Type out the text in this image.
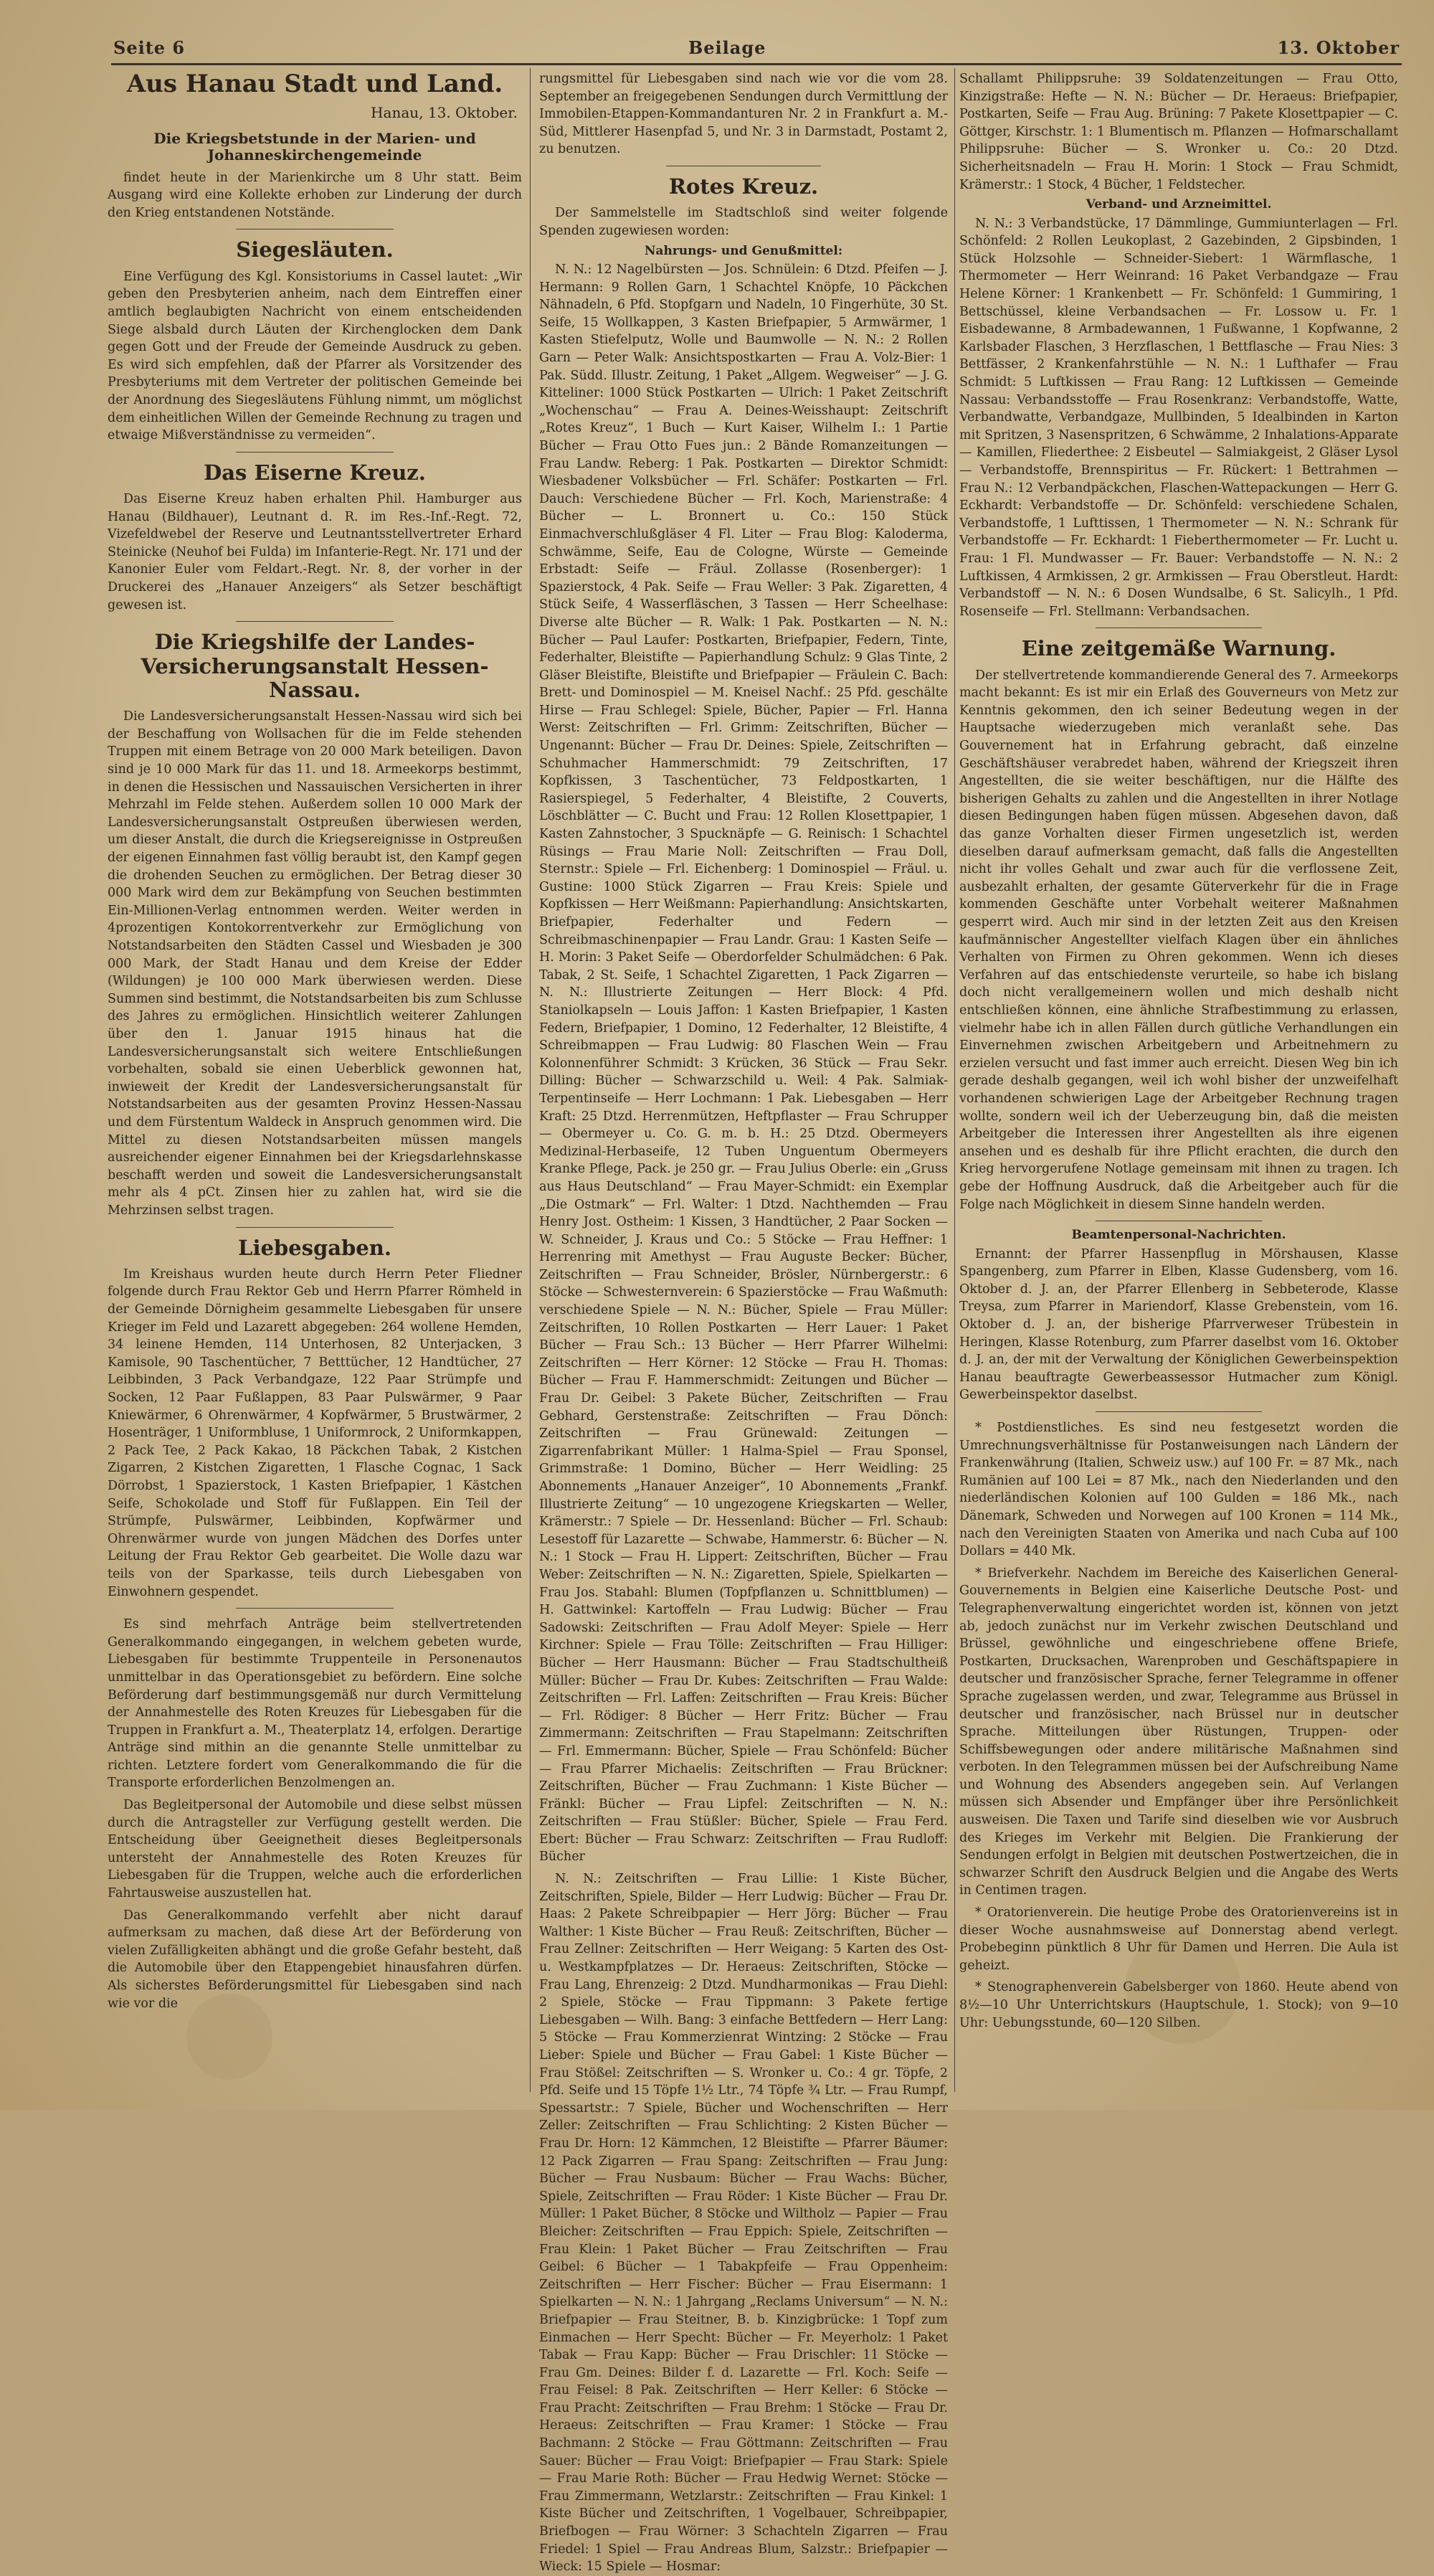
Seite 6	Beilage	13. Oktober
Aus Hanau Stadt und Land.
Hanau, 13. Oktober.
Die Kriegsbetstunde in der Marien- und Johanneskirchengemeinde

findet heute in der Marienkirche um 8 Uhr statt. Beim Ausgang wird eine Kollekte erhoben zur Linderung der durch den Krieg entstandenen Notstände.

Siegesläuten.

Eine Verfügung des Kgl. Konsistoriums in Cassel lautet: „Wir geben den Presbyterien anheim, nach dem Eintreffen einer amtlich beglaubigten Nachricht von einem entscheidenden Siege alsbald durch Läuten der Kirchenglocken dem Dank gegen Gott und der Freude der Gemeinde Ausdruck zu geben. Es wird sich empfehlen, daß der Pfarrer als Vorsitzender des Presbyteriums mit dem Vertreter der politischen Gemeinde bei der Anordnung des Siegesläutens Fühlung nimmt, um möglichst dem einheitlichen Willen der Gemeinde Rechnung zu tragen und etwaige Mißverständnisse zu vermeiden“.

Das Eiserne Kreuz.

Das Eiserne Kreuz haben erhalten Phil. Hamburger aus Hanau (Bildhauer), Leutnant d. R. im Res.-Inf.-Regt. 72, Vizefeldwebel der Reserve und Leutnantsstellvertreter Erhard Steinicke (Neuhof bei Fulda) im Infanterie-Regt. Nr. 171 und der Kanonier Euler vom Feldart.-Regt. Nr. 8, der vorher in der Druckerei des „Hanauer Anzeigers“ als Setzer beschäftigt gewesen ist.

Die Kriegshilfe der Landes-Versicherungsanstalt Hessen-Nassau.

Die Landesversicherungsanstalt Hessen-Nassau wird sich bei der Beschaffung von Wollsachen für die im Felde stehenden Truppen mit einem Betrage von 20 000 Mark beteiligen. Davon sind je 10 000 Mark für das 11. und 18. Armeekorps bestimmt, in denen die Hessischen und Nassauischen Versicherten in ihrer Mehrzahl im Felde stehen. Außerdem sollen 10 000 Mark der Landesversicherungsanstalt Ostpreußen überwiesen werden, um dieser Anstalt, die durch die Kriegsereignisse in Ostpreußen der eigenen Einnahmen fast völlig beraubt ist, den Kampf gegen die drohenden Seuchen zu ermöglichen. Der Betrag dieser 30 000 Mark wird dem zur Bekämpfung von Seuchen bestimmten Ein-Millionen-Verlag entnommen werden. Weiter werden in 4prozentigen Kontokorrentverkehr zur Ermöglichung von Notstandsarbeiten den Städten Cassel und Wiesbaden je 300 000 Mark, der Stadt Hanau und dem Kreise der Edder (Wildungen) je 100 000 Mark überwiesen werden. Diese Summen sind bestimmt, die Notstandsarbeiten bis zum Schlusse des Jahres zu ermöglichen. Hinsichtlich weiterer Zahlungen über den 1. Januar 1915 hinaus hat die Landesversicherungsanstalt sich weitere Entschließungen vorbehalten, sobald sie einen Ueberblick gewonnen hat, inwieweit der Kredit der Landesversicherungsanstalt für Notstandsarbeiten aus der gesamten Provinz Hessen-Nassau und dem Fürstentum Waldeck in Anspruch genommen wird. Die Mittel zu diesen Notstandsarbeiten müssen mangels ausreichender eigener Einnahmen bei der Kriegsdarlehnskasse beschafft werden und soweit die Landesversicherungsanstalt mehr als 4 pCt. Zinsen hier zu zahlen hat, wird sie die Mehrzinsen selbst tragen.

Liebesgaben.

Im Kreishaus wurden heute durch Herrn Peter Fliedner folgende durch Frau Rektor Geb und Herrn Pfarrer Römheld in der Gemeinde Dörnigheim gesammelte Liebesgaben für unsere Krieger im Feld und Lazarett abgegeben: 264 wollene Hemden, 34 leinene Hemden, 114 Unterhosen, 82 Unterjacken, 3 Kamisole, 90 Taschentücher, 7 Betttücher, 12 Handtücher, 27 Leibbinden, 3 Pack Verbandgaze, 122 Paar Strümpfe und Socken, 12 Paar Fußlappen, 83 Paar Pulswärmer, 9 Paar Kniewärmer, 6 Ohrenwärmer, 4 Kopfwärmer, 5 Brustwärmer, 2 Hosenträger, 1 Uniformbluse, 1 Uniformrock, 2 Uniformkappen, 2 Pack Tee, 2 Pack Kakao, 18 Päckchen Tabak, 2 Kistchen Zigarren, 2 Kistchen Zigaretten, 1 Flasche Cognac, 1 Sack Dörrobst, 1 Spazierstock, 1 Kasten Briefpapier, 1 Kästchen Seife, Schokolade und Stoff für Fußlappen. Ein Teil der Strümpfe, Pulswärmer, Leibbinden, Kopfwärmer und Ohrenwärmer wurde von jungen Mädchen des Dorfes unter Leitung der Frau Rektor Geb gearbeitet. Die Wolle dazu war teils von der Sparkasse, teils durch Liebesgaben von Einwohnern gespendet.

Es sind mehrfach Anträge beim stellvertretenden Generalkommando eingegangen, in welchem gebeten wurde, Liebesgaben für bestimmte Truppenteile in Personenautos unmittelbar in das Operationsgebiet zu befördern. Eine solche Beförderung darf bestimmungsgemäß nur durch Vermittelung der Annahmestelle des Roten Kreuzes für Liebesgaben für die Truppen in Frankfurt a. M., Theaterplatz 14, erfolgen. Derartige Anträge sind mithin an die genannte Stelle unmittelbar zu richten. Letztere fordert vom Generalkommando die für die Transporte erforderlichen Benzolmengen an.

Das Begleitpersonal der Automobile und diese selbst müssen durch die Antragsteller zur Verfügung gestellt werden. Die Entscheidung über Geeignetheit dieses Begleitpersonals untersteht der Annahmestelle des Roten Kreuzes für Liebesgaben für die Truppen, welche auch die erforderlichen Fahrtausweise auszustellen hat.

Das Generalkommando verfehlt aber nicht darauf aufmerksam zu machen, daß diese Art der Beförderung von vielen Zufälligkeiten abhängt und die große Gefahr besteht, daß die Automobile über den Etappengebiet hinausfahren dürfen. Als sicherstes Beförderungsmittel für Liebesgaben sind nach wie vor die

rungsmittel für Liebesgaben sind nach wie vor die vom 28. September an freigegebenen Sendungen durch Vermittlung der Immobilen-Etappen-Kommandanturen Nr. 2 in Frankfurt a. M.-Süd, Mittlerer Hasenpfad 5, und Nr. 3 in Darmstadt, Postamt 2, zu benutzen.

Rotes Kreuz.

Der Sammelstelle im Stadtschloß sind weiter folgende Spenden zugewiesen worden:

Nahrungs- und Genußmittel:

N. N.: 12 Nagelbürsten — Jos. Schnülein: 6 Dtzd. Pfeifen — J. Hermann: 9 Rollen Garn, 1 Schachtel Knöpfe, 10 Päckchen Nähnadeln, 6 Pfd. Stopfgarn und Nadeln, 10 Fingerhüte, 30 St. Seife, 15 Wollkappen, 3 Kasten Briefpapier, 5 Armwärmer, 1 Kasten Stiefelputz, Wolle und Baumwolle — N. N.: 2 Rollen Garn — Peter Walk: Ansichtspostkarten — Frau A. Volz-Bier: 1 Pak. Südd. Illustr. Zeitung, 1 Paket „Allgem. Wegweiser“ — J. G. Kitteliner: 1000 Stück Postkarten — Ulrich: 1 Paket Zeitschrift „Wochenschau“ — Frau A. Deines-Weisshaupt: Zeitschrift „Rotes Kreuz“, 1 Buch — Kurt Kaiser, Wilhelm I.: 1 Partie Bücher — Frau Otto Fues jun.: 2 Bände Romanzeitungen — Frau Landw. Reberg: 1 Pak. Postkarten — Direktor Schmidt: Wiesbadener Volksbücher — Frl. Schäfer: Postkarten — Frl. Dauch: Verschiedene Bücher — Frl. Koch, Marienstraße: 4 Bücher — L. Bronnert u. Co.: 150 Stück Einmachverschlußgläser 4 Fl. Liter — Frau Blog: Kaloderma, Schwämme, Seife, Eau de Cologne, Würste — Gemeinde Erbstadt: Seife — Fräul. Zollasse (Rosenberger): 1 Spazierstock, 4 Pak. Seife — Frau Weller: 3 Pak. Zigaretten, 4 Stück Seife, 4 Wasserfläschen, 3 Tassen — Herr Scheelhase: Diverse alte Bücher — R. Walk: 1 Pak. Postkarten — N. N.: Bücher — Paul Laufer: Postkarten, Briefpapier, Federn, Tinte, Federhalter, Bleistifte — Papierhandlung Schulz: 9 Glas Tinte, 2 Gläser Bleistifte, Bleistifte und Briefpapier — Fräulein C. Bach: Brett- und Dominospiel — M. Kneisel Nachf.: 25 Pfd. geschälte Hirse — Frau Schlegel: Spiele, Bücher, Papier — Frl. Hanna Werst: Zeitschriften — Frl. Grimm: Zeitschriften, Bücher — Ungenannt: Bücher — Frau Dr. Deines: Spiele, Zeitschriften — Schuhmacher Hammerschmidt: 79 Zeitschriften, 17 Kopfkissen, 3 Taschentücher, 73 Feldpostkarten, 1 Rasierspiegel, 5 Federhalter, 4 Bleistifte, 2 Couverts, Löschblätter — C. Bucht und Frau: 12 Rollen Klosettpapier, 1 Kasten Zahnstocher, 3 Spucknäpfe — G. Reinisch: 1 Schachtel Rüsings — Frau Marie Noll: Zeitschriften — Frau Doll, Sternstr.: Spiele — Frl. Eichenberg: 1 Dominospiel — Fräul. u. Gustine: 1000 Stück Zigarren — Frau Kreis: Spiele und Kopfkissen — Herr Weißmann: Papierhandlung: Ansichtskarten, Briefpapier, Federhalter und Federn — Schreibmaschinenpapier — Frau Landr. Grau: 1 Kasten Seife — H. Morin: 3 Paket Seife — Oberdorfelder Schulmädchen: 6 Pak. Tabak, 2 St. Seife, 1 Schachtel Zigaretten, 1 Pack Zigarren — N. N.: Illustrierte Zeitungen — Herr Block: 4 Pfd. Staniolkapseln — Louis Jaffon: 1 Kasten Briefpapier, 1 Kasten Federn, Briefpapier, 1 Domino, 12 Federhalter, 12 Bleistifte, 4 Schreibmappen — Frau Ludwig: 80 Flaschen Wein — Frau Kolonnenführer Schmidt: 3 Krücken, 36 Stück — Frau Sekr. Dilling: Bücher — Schwarzschild u. Weil: 4 Pak. Salmiak-Terpentinseife — Herr Lochmann: 1 Pak. Liebesgaben — Herr Kraft: 25 Dtzd. Herrenmützen, Heftpflaster — Frau Schrupper — Obermeyer u. Co. G. m. b. H.: 25 Dtzd. Obermeyers Medizinal-Herbaseife, 12 Tuben Unguentum Obermeyers Kranke Pflege, Pack. je 250 gr. — Frau Julius Oberle: ein „Gruss aus Haus Deutschland“ — Frau Mayer-Schmidt: ein Exemplar „Die Ostmark“ — Frl. Walter: 1 Dtzd. Nachthemden — Frau Henry Jost. Ostheim: 1 Kissen, 3 Handtücher, 2 Paar Socken — W. Schneider, J. Kraus und Co.: 5 Stöcke — Frau Heffner: 1 Herrenring mit Amethyst — Frau Auguste Becker: Bücher, Zeitschriften — Frau Schneider, Brösler, Nürnbergerstr.: 6 Stöcke — Schwesternverein: 6 Spazierstöcke — Frau Waßmuth: verschiedene Spiele — N. N.: Bücher, Spiele — Frau Müller: Zeitschriften, 10 Rollen Postkarten — Herr Lauer: 1 Paket Bücher — Frau Sch.: 13 Bücher — Herr Pfarrer Wilhelmi: Zeitschriften — Herr Körner: 12 Stöcke — Frau H. Thomas: Bücher — Frau F. Hammerschmidt: Zeitungen und Bücher — Frau Dr. Geibel: 3 Pakete Bücher, Zeitschriften — Frau Gebhard, Gerstenstraße: Zeitschriften — Frau Dönch: Zeitschriften — Frau Grünewald: Zeitungen — Zigarrenfabrikant Müller: 1 Halma-Spiel — Frau Sponsel, Grimmstraße: 1 Domino, Bücher — Herr Weidling: 25 Abonnements „Hanauer Anzeiger“, 10 Abonnements „Frankf. Illustrierte Zeitung“ — 10 ungezogene Kriegskarten — Weller, Krämerstr.: 7 Spiele — Dr. Hessenland: Bücher — Frl. Schaub: Lesestoff für Lazarette — Schwabe, Hammerstr. 6: Bücher — N. N.: 1 Stock — Frau H. Lippert: Zeitschriften, Bücher — Frau Weber: Zeitschriften — N. N.: Zigaretten, Spiele, Spielkarten — Frau Jos. Stabahl: Blumen (Topfpflanzen u. Schnittblumen) — H. Gattwinkel: Kartoffeln — Frau Ludwig: Bücher — Frau Sadowski: Zeitschriften — Frau Adolf Meyer: Spiele — Herr Kirchner: Spiele — Frau Tölle: Zeitschriften — Frau Hilliger: Bücher — Herr Hausmann: Bücher — Frau Stadtschultheiß Müller: Bücher — Frau Dr. Kubes: Zeitschriften — Frau Walde: Zeitschriften — Frl. Laffen: Zeitschriften — Frau Kreis: Bücher — Frl. Rödiger: 8 Bücher — Herr Fritz: Bücher — Frau Zimmermann: Zeitschriften — Frau Stapelmann: Zeitschriften — Frl. Emmermann: Bücher, Spiele — Frau Schönfeld: Bücher — Frau Pfarrer Michaelis: Zeitschriften — Frau Brückner: Zeitschriften, Bücher — Frau Zuchmann: 1 Kiste Bücher — Fränkl: Bücher — Frau Lipfel: Zeitschriften — N. N.: Zeitschriften — Frau Stüßler: Bücher, Spiele — Frau Ferd. Ebert: Bücher — Frau Schwarz: Zeitschriften — Frau Rudloff: Bücher

N. N.: Zeitschriften — Frau Lillie: 1 Kiste Bücher, Zeitschriften, Spiele, Bilder — Herr Ludwig: Bücher — Frau Dr. Haas: 2 Pakete Schreibpapier — Herr Jörg: Bücher — Frau Walther: 1 Kiste Bücher — Frau Reuß: Zeitschriften, Bücher — Frau Zellner: Zeitschriften — Herr Weigang: 5 Karten des Ost- u. Westkampfplatzes — Dr. Heraeus: Zeitschriften, Stöcke — Frau Lang, Ehrenzeig: 2 Dtzd. Mundharmonikas — Frau Diehl: 2 Spiele, Stöcke — Frau Tippmann: 3 Pakete fertige Liebesgaben — Wilh. Bang: 3 einfache Bettfedern — Herr Lang: 5 Stöcke — Frau Kommerzienrat Wintzing: 2 Stöcke — Frau Lieber: Spiele und Bücher — Frau Gabel: 1 Kiste Bücher — Frau Stößel: Zeitschriften — S. Wronker u. Co.: 4 gr. Töpfe, 2 Pfd. Seife und 15 Töpfe 1½ Ltr., 74 Töpfe ¾ Ltr. — Frau Rumpf, Spessartstr.: 7 Spiele, Bücher und Wochenschriften — Herr Zeller: Zeitschriften — Frau Schlichting: 2 Kisten Bücher — Frau Dr. Horn: 12 Kämmchen, 12 Bleistifte — Pfarrer Bäumer: 12 Pack Zigarren — Frau Spang: Zeitschriften — Frau Jung: Bücher — Frau Nusbaum: Bücher — Frau Wachs: Bücher, Spiele, Zeitschriften — Frau Röder: 1 Kiste Bücher — Frau Dr. Müller: 1 Paket Bücher, 8 Stöcke und Wiltholz — Papier — Frau Bleicher: Zeitschriften — Frau Eppich: Spiele, Zeitschriften — Frau Klein: 1 Paket Bücher — Frau Zeitschriften — Frau Geibel: 6 Bücher — 1 Tabakpfeife — Frau Oppenheim: Zeitschriften — Herr Fischer: Bücher — Frau Eisermann: 1 Spielkarten — N. N.: 1 Jahrgang „Reclams Universum“ — N. N.: Briefpapier — Frau Steitner, B. b. Kinzigbrücke: 1 Topf zum Einmachen — Herr Specht: Bücher — Fr. Meyerholz: 1 Paket Tabak — Frau Kapp: Bücher — Frau Drischler: 11 Stöcke — Frau Gm. Deines: Bilder f. d. Lazarette — Frl. Koch: Seife — Frau Feisel: 8 Pak. Zeitschriften — Herr Keller: 6 Stöcke — Frau Pracht: Zeitschriften — Frau Brehm: 1 Stöcke — Frau Dr. Heraeus: Zeitschriften — Frau Kramer: 1 Stöcke — Frau Bachmann: 2 Stöcke — Frau Göttmann: Zeitschriften — Frau Sauer: Bücher — Frau Voigt: Briefpapier — Frau Stark: Spiele — Frau Marie Roth: Bücher — Frau Hedwig Wernet: Stöcke — Frau Zimmermann, Wetzlarstr.: Zeitschriften — Frau Kinkel: 1 Kiste Bücher und Zeitschriften, 1 Vogelbauer, Schreibpapier, Briefbogen — Frau Wörner: 3 Schachteln Zigarren — Frau Friedel: 1 Spiel — Frau Andreas Blum, Salzstr.: Briefpapier — Wieck: 15 Spiele — Hosmar:

Schallamt Philippsruhe: 39 Soldatenzeitungen — Frau Otto, Kinzigstraße: Hefte — N. N.: Bücher — Dr. Heraeus: Briefpapier, Postkarten, Seife — Frau Aug. Brüning: 7 Pakete Klosettpapier — C. Göttger, Kirschstr. 1: 1 Blumentisch m. Pflanzen — Hofmarschallamt Philippsruhe: Bücher — S. Wronker u. Co.: 20 Dtzd. Sicherheitsnadeln — Frau H. Morin: 1 Stock — Frau Schmidt, Krämerstr.: 1 Stock, 4 Bücher, 1 Feldstecher.

Verband- und Arzneimittel.

N. N.: 3 Verbandstücke, 17 Dämmlinge, Gummiunterlagen — Frl. Schönfeld: 2 Rollen Leukoplast, 2 Gazebinden, 2 Gipsbinden, 1 Stück Holzsohle — Schneider-Siebert: 1 Wärmflasche, 1 Thermometer — Herr Weinrand: 16 Paket Verbandgaze — Frau Helene Körner: 1 Krankenbett — Fr. Schönfeld: 1 Gummiring, 1 Bettschüssel, kleine Verbandsachen — Fr. Lossow u. Fr. 1 Eisbadewanne, 8 Armbadewannen, 1 Fußwanne, 1 Kopfwanne, 2 Karlsbader Flaschen, 3 Herzflaschen, 1 Bettflasche — Frau Nies: 3 Bettfässer, 2 Krankenfahrstühle — N. N.: 1 Lufthafer — Frau Schmidt: 5 Luftkissen — Frau Rang: 12 Luftkissen — Gemeinde Nassau: Verbandsstoffe — Frau Rosenkranz: Verbandstoffe, Watte, Verbandwatte, Verbandgaze, Mullbinden, 5 Idealbinden in Karton mit Spritzen, 3 Nasenspritzen, 6 Schwämme, 2 Inhalations-Apparate — Kamillen, Fliederthee: 2 Eisbeutel — Salmiakgeist, 2 Gläser Lysol — Verbandstoffe, Brennspiritus — Fr. Rückert: 1 Bettrahmen — Frau N.: 12 Verbandpäckchen, Flaschen-Wattepackungen — Herr G. Eckhardt: Verbandstoffe — Dr. Schönfeld: verschiedene Schalen, Verbandstoffe, 1 Lufttissen, 1 Thermometer — N. N.: Schrank für Verbandstoffe — Fr. Eckhardt: 1 Fieberthermometer — Fr. Lucht u. Frau: 1 Fl. Mundwasser — Fr. Bauer: Verbandstoffe — N. N.: 2 Luftkissen, 4 Armkissen, 2 gr. Armkissen — Frau Oberstleut. Hardt: Verbandstoff — N. N.: 6 Dosen Wundsalbe, 6 St. Salicylh., 1 Pfd. Rosenseife — Frl. Stellmann: Verbandsachen.

Eine zeitgemäße Warnung.

Der stellvertretende kommandierende General des 7. Armeekorps macht bekannt: Es ist mir ein Erlaß des Gouverneurs von Metz zur Kenntnis gekommen, den ich seiner Bedeutung wegen in der Hauptsache wiederzugeben mich veranlaßt sehe. Das Gouvernement hat in Erfahrung gebracht, daß einzelne Geschäftshäuser verabredet haben, während der Kriegszeit ihren Angestellten, die sie weiter beschäftigen, nur die Hälfte des bisherigen Gehalts zu zahlen und die Angestellten in ihrer Notlage diesen Bedingungen haben fügen müssen. Abgesehen davon, daß das ganze Vorhalten dieser Firmen ungesetzlich ist, werden dieselben darauf aufmerksam gemacht, daß falls die Angestellten nicht ihr volles Gehalt und zwar auch für die verflossene Zeit, ausbezahlt erhalten, der gesamte Güterverkehr für die in Frage kommenden Geschäfte unter Vorbehalt weiterer Maßnahmen gesperrt wird. Auch mir sind in der letzten Zeit aus den Kreisen kaufmännischer Angestellter vielfach Klagen über ein ähnliches Verhalten von Firmen zu Ohren gekommen. Wenn ich dieses Verfahren auf das entschiedenste verurteile, so habe ich bislang doch nicht verallgemeinern wollen und mich deshalb nicht entschließen können, eine ähnliche Strafbestimmung zu erlassen, vielmehr habe ich in allen Fällen durch gütliche Verhandlungen ein Einvernehmen zwischen Arbeitgebern und Arbeitnehmern zu erzielen versucht und fast immer auch erreicht. Diesen Weg bin ich gerade deshalb gegangen, weil ich wohl bisher der unzweifelhaft vorhandenen schwierigen Lage der Arbeitgeber Rechnung tragen wollte, sondern weil ich der Ueberzeugung bin, daß die meisten Arbeitgeber die Interessen ihrer Angestellten als ihre eigenen ansehen und es deshalb für ihre Pflicht erachten, die durch den Krieg hervorgerufene Notlage gemeinsam mit ihnen zu tragen. Ich gebe der Hoffnung Ausdruck, daß die Arbeitgeber auch für die Folge nach Möglichkeit in diesem Sinne handeln werden.

Beamtenpersonal-Nachrichten.

Ernannt: der Pfarrer Hassenpflug in Mörshausen, Klasse Spangenberg, zum Pfarrer in Elben, Klasse Gudensberg, vom 16. Oktober d. J. an, der Pfarrer Ellenberg in Sebbeterode, Klasse Treysa, zum Pfarrer in Mariendorf, Klasse Grebenstein, vom 16. Oktober d. J. an, der bisherige Pfarrverweser Trübestein in Heringen, Klasse Rotenburg, zum Pfarrer daselbst vom 16. Oktober d. J. an, der mit der Verwaltung der Königlichen Gewerbeinspektion Hanau beauftragte Gewerbeassessor Hutmacher zum Königl. Gewerbeinspektor daselbst.

* Postdienstliches. Es sind neu festgesetzt worden die Umrechnungsverhältnisse für Postanweisungen nach Ländern der Frankenwährung (Italien, Schweiz usw.) auf 100 Fr. = 87 Mk., nach Rumänien auf 100 Lei = 87 Mk., nach den Niederlanden und den niederländischen Kolonien auf 100 Gulden = 186 Mk., nach Dänemark, Schweden und Norwegen auf 100 Kronen = 114 Mk., nach den Vereinigten Staaten von Amerika und nach Cuba auf 100 Dollars = 440 Mk.

* Briefverkehr. Nachdem im Bereiche des Kaiserlichen General-Gouvernements in Belgien eine Kaiserliche Deutsche Post- und Telegraphenverwaltung eingerichtet worden ist, können von jetzt ab, jedoch zunächst nur im Verkehr zwischen Deutschland und Brüssel, gewöhnliche und eingeschriebene offene Briefe, Postkarten, Drucksachen, Warenproben und Geschäftspapiere in deutscher und französischer Sprache, ferner Telegramme in offener Sprache zugelassen werden, und zwar, Telegramme aus Brüssel in deutscher und französischer, nach Brüssel nur in deutscher Sprache. Mitteilungen über Rüstungen, Truppen- oder Schiffsbewegungen oder andere militärische Maßnahmen sind verboten. In den Telegrammen müssen bei der Aufschreibung Name und Wohnung des Absenders angegeben sein. Auf Verlangen müssen sich Absender und Empfänger über ihre Persönlichkeit ausweisen. Die Taxen und Tarife sind dieselben wie vor Ausbruch des Krieges im Verkehr mit Belgien. Die Frankierung der Sendungen erfolgt in Belgien mit deutschen Postwertzeichen, die in schwarzer Schrift den Ausdruck Belgien und die Angabe des Werts in Centimen tragen.

* Oratorienverein. Die heutige Probe des Oratorienvereins ist in dieser Woche ausnahmsweise auf Donnerstag abend verlegt. Probebeginn pünktlich 8 Uhr für Damen und Herren. Die Aula ist geheizt.

* Stenographenverein Gabelsberger von 1860. Heute abend von 8½—10 Uhr Unterrichtskurs (Hauptschule, 1. Stock); von 9—10 Uhr: Uebungsstunde, 60—120 Silben.
